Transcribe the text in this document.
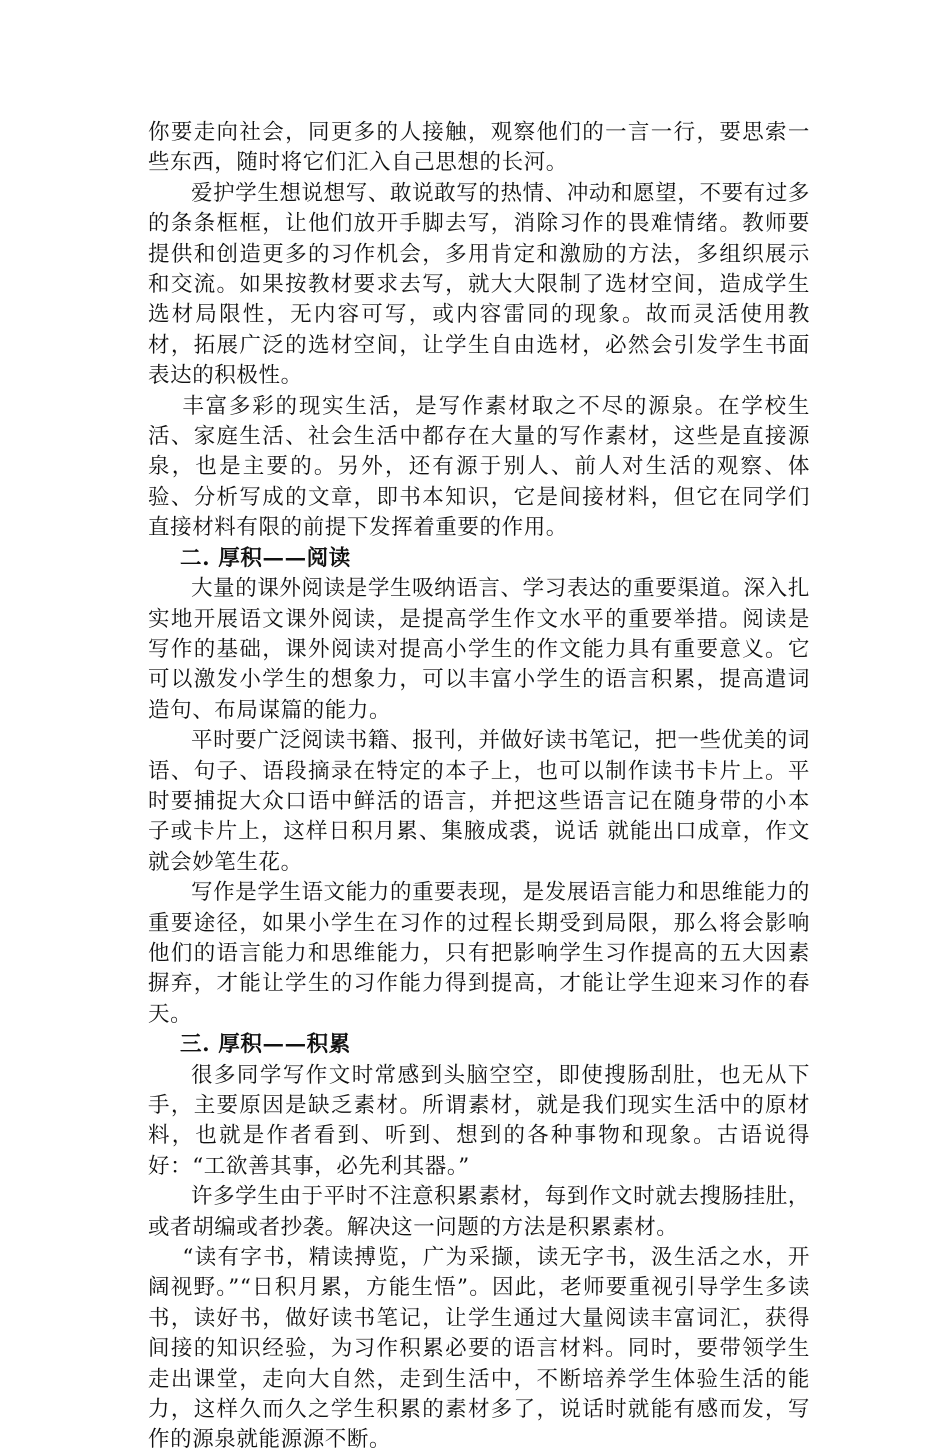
你要走向社会，同更多的人接触，观察他们的一言一行，要思索一些东西，随时将它们汇入自己思想的长河。

爱护学生想说想写、敢说敢写的热情、冲动和愿望，不要有过多的条条框框，让他们放开手脚去写，消除习作的畏难情绪。教师要提供和创造更多的习作机会，多用肯定和激励的方法，多组织展示和交流。如果按教材要求去写，就大大限制了选材空间，造成学生选材局限性，无内容可写，或内容雷同的现象。故而灵活使用教材，拓展广泛的选材空间，让学生自由选材，必然会引发学生书面表达的积极性。

丰富多彩的现实生活，是写作素材取之不尽的源泉。在学校生活、家庭生活、社会生活中都存在大量的写作素材，这些是直接源泉，也是主要的。另外，还有源于别人、前人对生活的观察、体验、分析写成的文章，即书本知识，它是间接材料，但它在同学们直接材料有限的前提下发挥着重要的作用。

二. 厚积——阅读

大量的课外阅读是学生吸纳语言、学习表达的重要渠道。深入扎实地开展语文课外阅读，是提高学生作文水平的重要举措。阅读是写作的基础，课外阅读对提高小学生的作文能力具有重要意义。它可以激发小学生的想象力，可以丰富小学生的语言积累，提高遣词造句、布局谋篇的能力。

平时要广泛阅读书籍、报刊，并做好读书笔记，把一些优美的词语、句子、语段摘录在特定的本子上，也可以制作读书卡片上。平时要捕捉大众口语中鲜活的语言，并把这些语言记在随身带的小本子或卡片上，这样日积月累、集腋成裘，说话 就能出口成章，作文就会妙笔生花。

写作是学生语文能力的重要表现，是发展语言能力和思维能力的重要途径，如果小学生在习作的过程长期受到局限，那么将会影响他们的语言能力和思维能力，只有把影响学生习作提高的五大因素摒弃，才能让学生的习作能力得到提高，才能让学生迎来习作的春天。

三. 厚积——积累

很多同学写作文时常感到头脑空空，即使搜肠刮肚，也无从下手，主要原因是缺乏素材。所谓素材，就是我们现实生活中的原材料，也就是作者看到、听到、想到的各种事物和现象。古语说得好：“工欲善其事，必先利其器。”

许多学生由于平时不注意积累素材，每到作文时就去搜肠挂肚，或者胡编或者抄袭。解决这一问题的方法是积累素材。

“读有字书，精读搏览，广为采撷，读无字书，汲生活之水，开阔视野。”“日积月累，方能生悟”。因此，老师要重视引导学生多读书，读好书，做好读书笔记，让学生通过大量阅读丰富词汇，获得间接的知识经验，为习作积累必要的语言材料。同时，要带领学生走出课堂，走向大自然，走到生活中，不断培养学生体验生活的能力，这样久而久之学生积累的素材多了，说话时就能有感而发，写作的源泉就能源源不断。
